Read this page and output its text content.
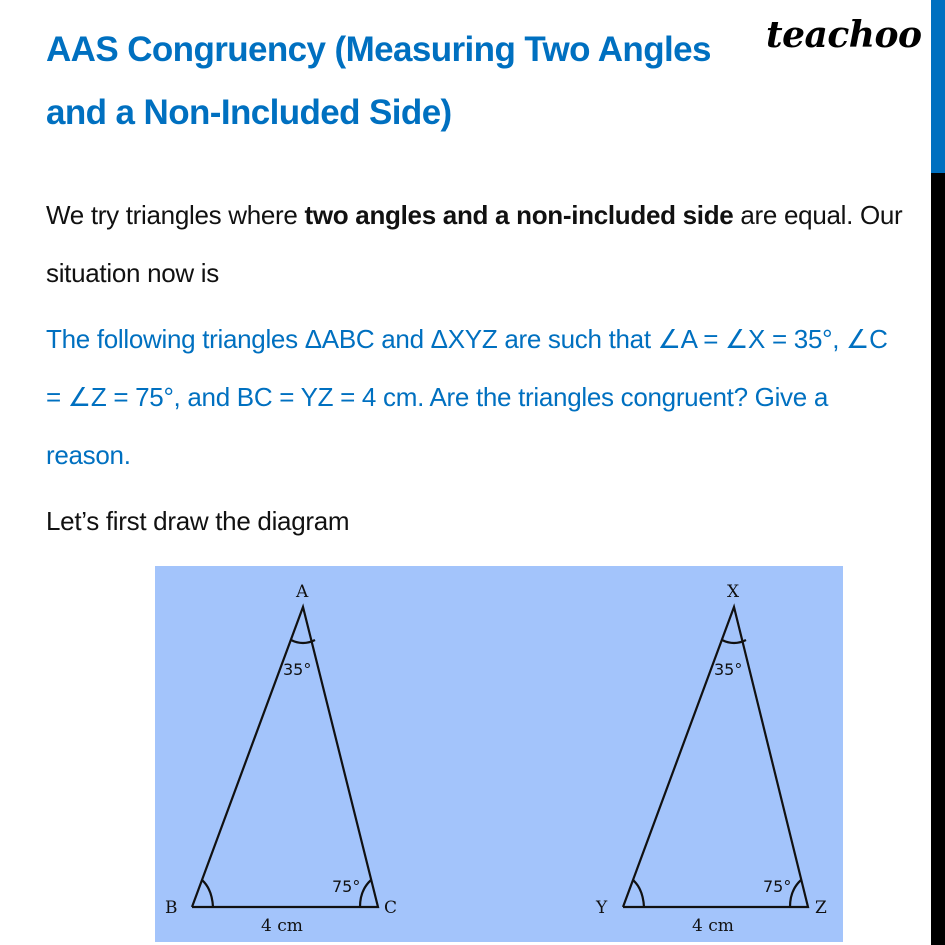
AAS Congruency (Measuring Two Angles
and a Non-Included Side)
teachoo
We try triangles where two angles and a non-included side are equal. Our situation now is
The following triangles ΔABC and ΔXYZ are such that ∠A = ∠X = 35°, ∠C = ∠Z = 75°, and BC = YZ = 4 cm. Are the triangles congruent? Give a reason.
Let’s first draw the diagram
A
B	C
35°
75°
4 cm
X
Y	Z
35°
75°
4 cm
